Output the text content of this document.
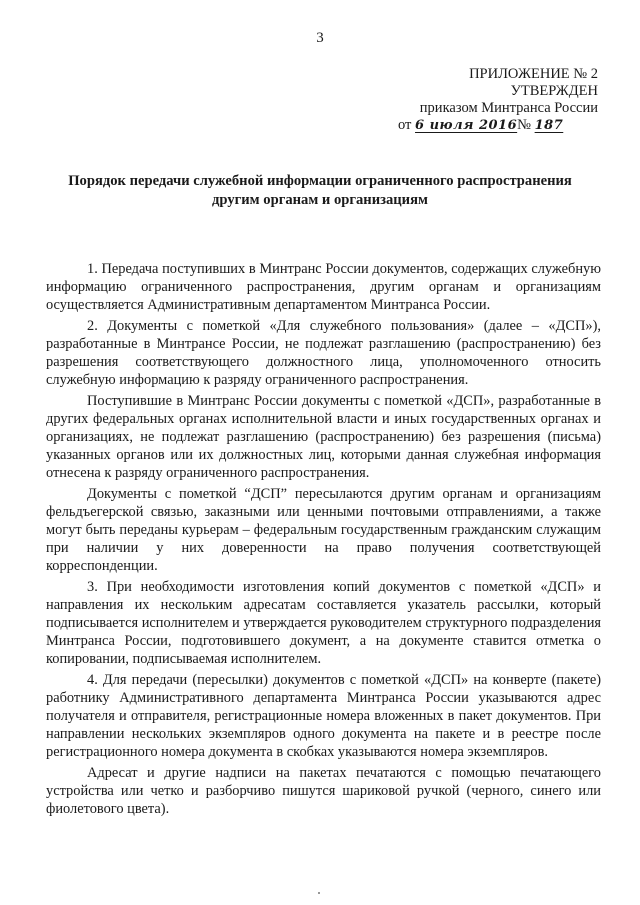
3
ПРИЛОЖЕНИЕ № 2
УТВЕРЖДЕН
приказом Минтранса России
от 6 июля 2016№ 187
Порядок передачи служебной информации ограниченного распространения
другим органам и организациям

1. Передача поступивших в Минтранс России документов, содержащих служебную информацию ограниченного распространения, другим органам и организациям осуществляется Административным департаментом Минтранса России.

2. Документы с пометкой «Для служебного пользования» (далее – «ДСП»), разработанные в Минтрансе России, не подлежат разглашению (распространению) без разрешения соответствующего должностного лица, уполномоченного относить служебную информацию к разряду ограниченного распространения.

Поступившие в Минтранс России документы с пометкой «ДСП», разработанные в других федеральных органах исполнительной власти и иных государственных органах и организациях, не подлежат разглашению (распространению) без разрешения (письма) указанных органов или их должностных лиц, которыми данная служебная информация отнесена к разряду ограниченного распространения.

Документы с пометкой “ДСП” пересылаются другим органам и организациям фельдъегерской связью, заказными или ценными почтовыми отправлениями, а также могут быть переданы курьерам – федеральным государственным гражданским служащим при наличии у них доверенности на право получения соответствующей корреспонденции.

3. При необходимости изготовления копий документов с пометкой «ДСП» и направления их нескольким адресатам составляется указатель рассылки, который подписывается исполнителем и утверждается руководителем структурного подразделения Минтранса России, подготовившего документ, а на документе ставится отметка о копировании, подписываемая исполнителем.

4. Для передачи (пересылки) документов с пометкой «ДСП» на конверте (пакете) работнику Административного департамента Минтранса России указываются адрес получателя и отправителя, регистрационные номера вложенных в пакет документов. При направлении нескольких экземпляров одного документа на пакете и в реестре после регистрационного номера документа в скобках указываются номера экземпляров.

Адресат и другие надписи на пакетах печатаются с помощью печатающего устройства или четко и разборчиво пишутся шариковой ручкой (черного, синего или фиолетового цвета).
